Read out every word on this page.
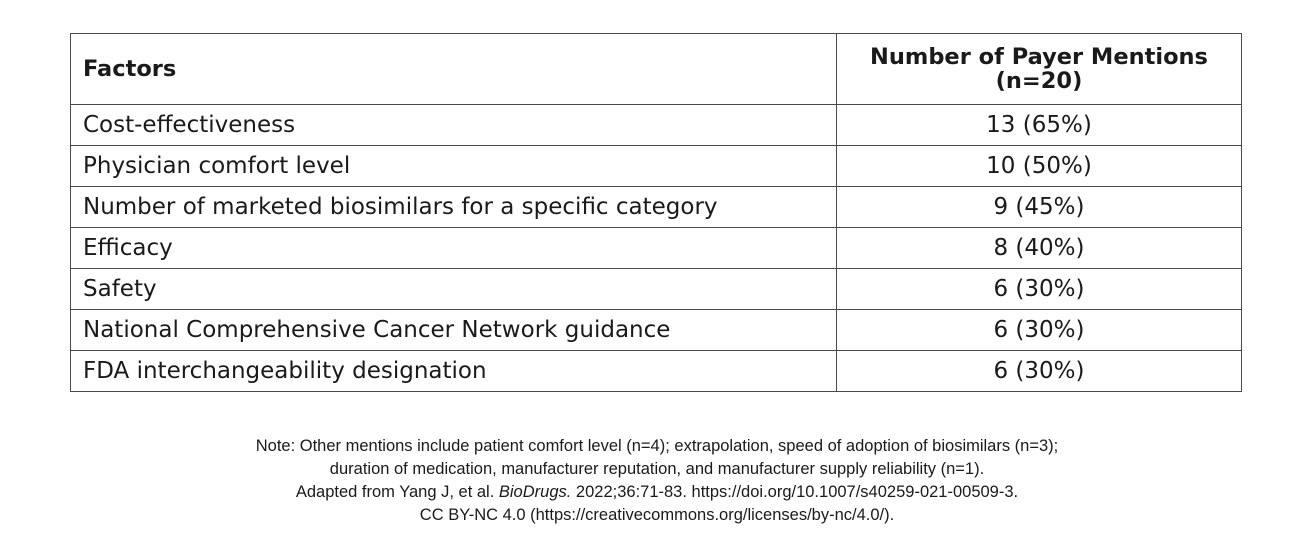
Factors	Number of Payer Mentions
(n=20)
Cost-effectiveness	13 (65%)
Physician comfort level	10 (50%)
Number of marketed biosimilars for a specific category	9 (45%)
Efficacy	8 (40%)
Safety	6 (30%)
National Comprehensive Cancer Network guidance	6 (30%)
FDA interchangeability designation	6 (30%)
Note: Other mentions include patient comfort level (n=4); extrapolation, speed of adoption of biosimilars (n=3);
duration of medication, manufacturer reputation, and manufacturer supply reliability (n=1).
Adapted from Yang J, et al. BioDrugs. 2022;36:71-83. https://doi.org/10.1007/s40259-021-00509-3.
CC BY-NC 4.0 (https://creativecommons.org/licenses/by-nc/4.0/).
